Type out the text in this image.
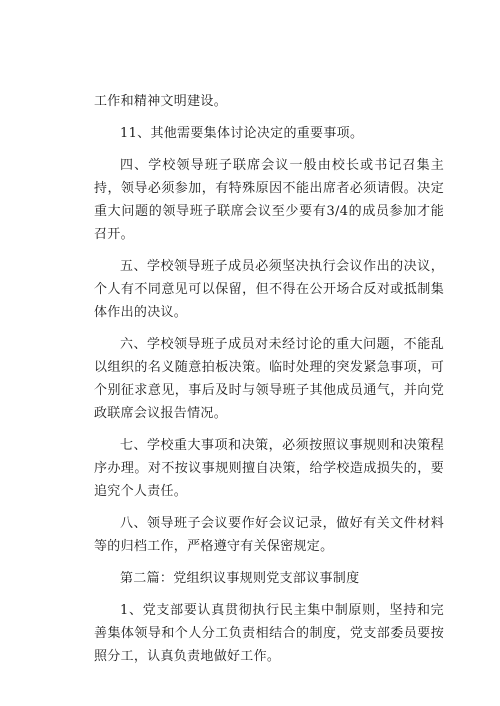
工作和精神文明建设。

11、其他需要集体讨论决定的重要事项。

四、学校领导班子联席会议一般由校长或书记召集主持，领导必须参加，有特殊原因不能出席者必须请假。决定重大问题的领导班子联席会议至少要有3/4的成员参加才能召开。

五、学校领导班子成员必须坚决执行会议作出的决议，个人有不同意见可以保留，但不得在公开场合反对或抵制集体作出的决议。

六、学校领导班子成员对未经讨论的重大问题，不能乱以组织的名义随意拍板决策。临时处理的突发紧急事项，可个别征求意见，事后及时与领导班子其他成员通气，并向党政联席会议报告情况。

七、学校重大事项和决策，必须按照议事规则和决策程序办理。对不按议事规则擅自决策，给学校造成损失的，要追究个人责任。

八、领导班子会议要作好会议记录，做好有关文件材料等的归档工作，严格遵守有关保密规定。

第二篇：党组织议事规则党支部议事制度

1、党支部要认真贯彻执行民主集中制原则，坚持和完善集体领导和个人分工负责相结合的制度，党支部委员要按照分工，认真负责地做好工作。
